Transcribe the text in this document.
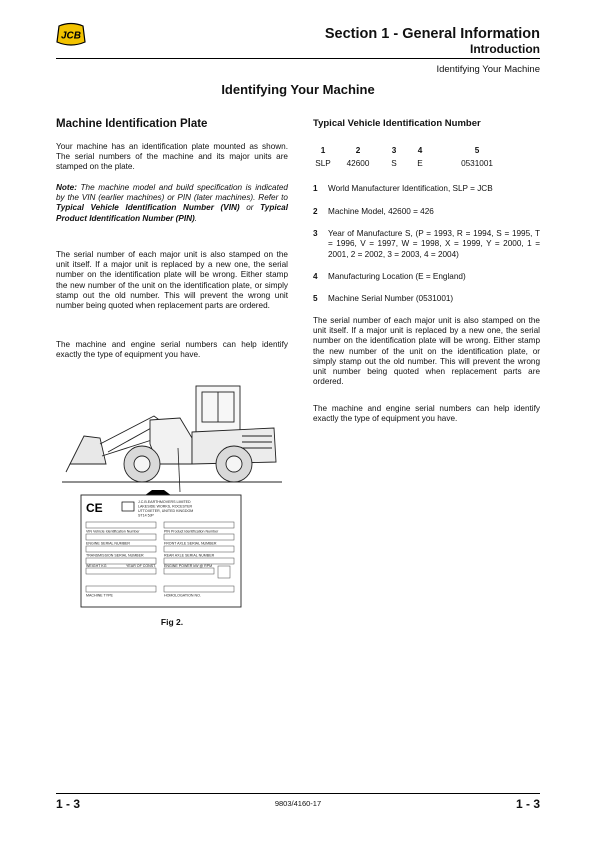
JCB	Section 1 - General Information
Introduction
Identifying Your Machine
Identifying Your Machine
Machine Identification Plate
Your machine has an identification plate mounted as shown. The serial numbers of the machine and its major units are stamped on the plate.
Note: The machine model and build specification is indicated by the VIN (earlier machines) or PIN (later machines). Refer to Typical Vehicle Identification Number (VIN) or Typical Product Identification Number (PIN).
The serial number of each major unit is also stamped on the unit itself. If a major unit is replaced by a new one, the serial number on the identification plate will be wrong. Either stamp the new number of the unit on the identification plate, or simply stamp out the old number. This will prevent the wrong unit number being quoted when replacement parts are ordered.
The machine and engine serial numbers can help identify exactly the type of equipment you have.
CE	J.C.B.EARTHMOVERS LIMITED
LAKESIDE WORKS, ROCESTER
UTTOXETER, UNITED KINGDOM
ST14 5JP
VIN Vehicle Identification Number	PIN Product Identification Number
ENGINE SERIAL NUMBER	FRONT AXLE SERIAL NUMBER
TRANSMISSION SERIAL NUMBER	REAR AXLE SERIAL NUMBER
WEIGHT KG	YEAR OF CONST. ENGINE POWER kW @ RPM
MACHINE TYPE	HOMOLOGATION NO.
Fig 2.
Typical Vehicle Identification Number
1	2	3	4	5
SLP	42600	S	E	0531001
1 World Manufacturer Identification, SLP = JCB
2 Machine Model, 42600 = 426
3 Year of Manufacture S, (P = 1993, R = 1994, S = 1995, T = 1996, V = 1997, W = 1998, X = 1999, Y = 2000, 1 = 2001, 2 = 2002, 3 = 2003, 4 = 2004)
4 Manufacturing Location (E = England)
5 Machine Serial Number (0531001)
The serial number of each major unit is also stamped on the unit itself. If a major unit is replaced by a new one, the serial number on the identification plate will be wrong. Either stamp the new number of the unit on the identification plate, or simply stamp out the old number. This will prevent the wrong unit number being quoted when replacement parts are ordered.
The machine and engine serial numbers can help identify exactly the type of equipment you have.
1 - 3	9803/4160-17	1 - 3
